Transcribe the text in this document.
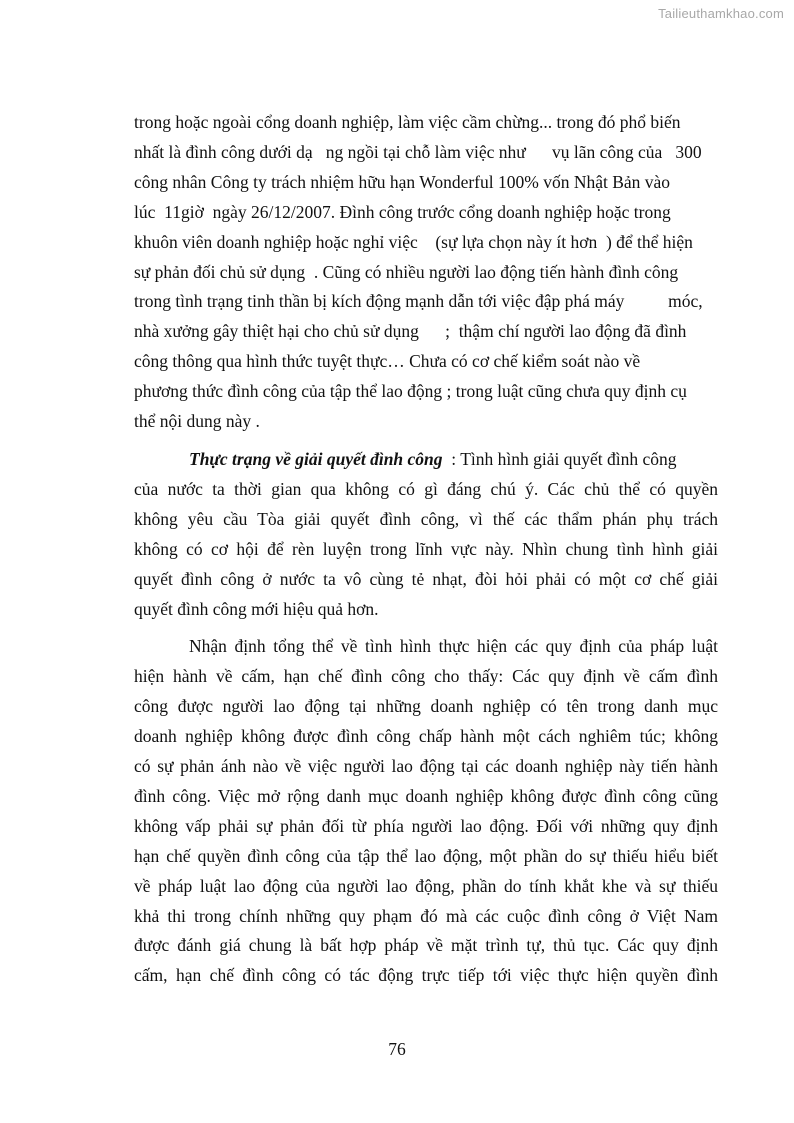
Tailieuthamkhao.com

trong hoặc ngoài cổng doanh nghiệp, làm việc cầm chừng... trong đó phổ biến
nhất là đình công dưới dạ   ng ngồi tại chỗ làm việc như      vụ lãn công của   300
công nhân Công ty trách nhiệm hữu hạn Wonderful 100% vốn Nhật Bản vào
lúc  11giờ  ngày 26/12/2007. Đình công trước cổng doanh nghiệp hoặc trong
khuôn viên doanh nghiệp hoặc nghỉ việc    (sự lựa chọn này ít hơn  ) để thể hiện
sự phản đối chủ sử dụng  . Cũng có nhiều người lao động tiến hành đình công
trong tình trạng tinh thần bị kích động mạnh dẫn tới việc đập phá máy          móc,
nhà xưởng gây thiệt hại cho chủ sử dụng      ;  thậm chí người lao động đã đình
công thông qua hình thức tuyệt thực… Chưa có cơ chế kiểm soát nào về
phương thức đình công của tập thể lao động ; trong luật cũng chưa quy định cụ
thể nội dung này .

Thực trạng về giải quyết đình công  : Tình hình giải quyết đình công
của nước ta thời gian qua không có gì đáng chú ý. Các chủ thể có quyền
không yêu cầu Tòa giải quyết đình công, vì thế các thẩm phán phụ trách
không có cơ hội để rèn luyện trong lĩnh vực này. Nhìn chung tình hình giải
quyết đình công ở nước ta vô cùng tẻ nhạt, đòi hỏi phải có một cơ chế giải
quyết đình công mới hiệu quả hơn.

Nhận định tổng thể về tình hình thực hiện các quy định của pháp luật
hiện hành về cấm, hạn chế đình công cho thấy: Các quy định về cấm đình
công được người lao động tại những doanh nghiệp có tên trong danh mục
doanh nghiệp không được đình công chấp hành một cách nghiêm túc; không
có sự phản ánh nào về việc người lao động tại các doanh nghiệp này tiến hành
đình công. Việc mở rộng danh mục doanh nghiệp không được đình công cũng
không vấp phải sự phản đối từ phía người lao động. Đối với những quy định
hạn chế quyền đình công của tập thể lao động, một phần do sự thiếu hiểu biết
về pháp luật lao động của người lao động, phần do tính khắt khe và sự thiếu
khả thi trong chính những quy phạm đó mà các cuộc đình công ở Việt Nam
được đánh giá chung là bất hợp pháp về mặt trình tự, thủ tục. Các quy định
cấm, hạn chế đình công có tác động trực tiếp tới việc thực hiện quyền đình

76
